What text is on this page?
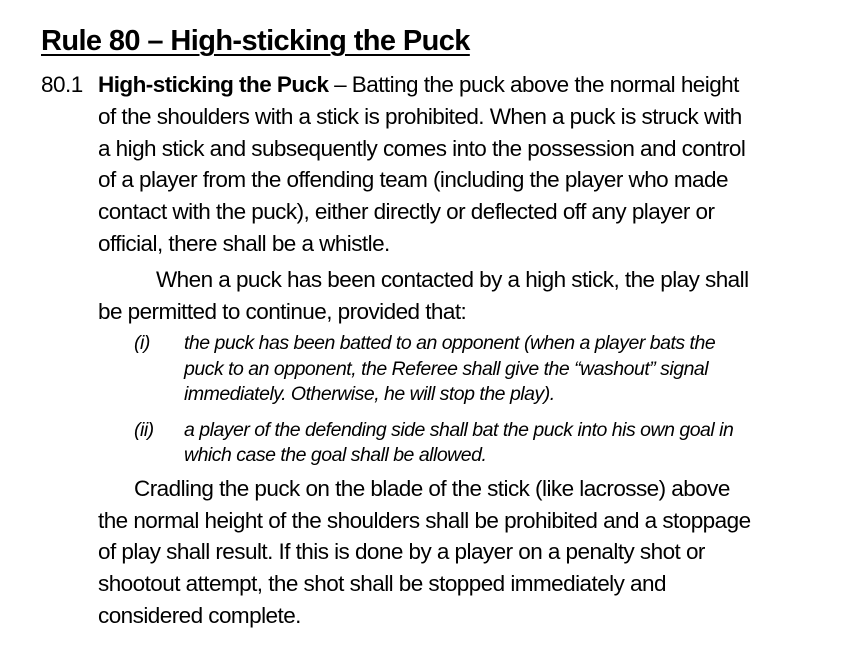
Rule 80 – High-sticking the Puck
80.1 High-sticking the Puck – Batting the puck above the normal height
of the shoulders with a stick is prohibited. When a puck is struck with
a high stick and subsequently comes into the possession and control
of a player from the offending team (including the player who made
contact with the puck), either directly or deflected off any player or
official, there shall be a whistle.

When a puck has been contacted by a high stick, the play shall
be permitted to continue, provided that:

(i) the puck has been batted to an opponent (when a player bats the
puck to an opponent, the Referee shall give the “washout” signal
immediately. Otherwise, he will stop the play).
(ii) a player of the defending side shall bat the puck into his own goal in
which case the goal shall be allowed.

Cradling the puck on the blade of the stick (like lacrosse) above
the normal height of the shoulders shall be prohibited and a stoppage
of play shall result. If this is done by a player on a penalty shot or
shootout attempt, the shot shall be stopped immediately and
considered complete.
